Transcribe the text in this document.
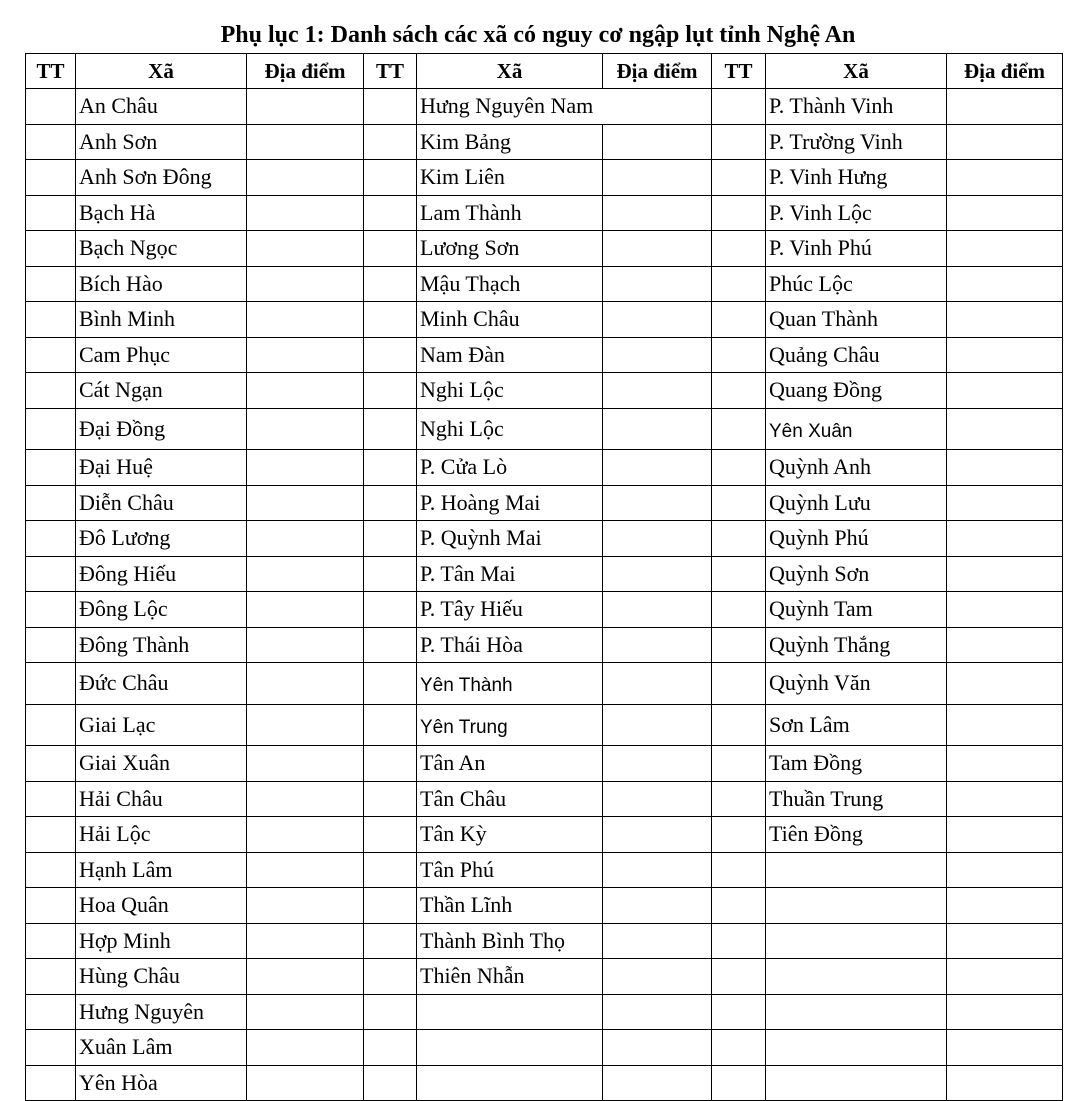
Phụ lục 1: Danh sách các xã có nguy cơ ngập lụt tỉnh Nghệ An
TT	Xã	Địa điểm	TT	Xã	Địa điểm	TT	Xã	Địa điểm
	An Châu			Hưng Nguyên Nam			P. Thành Vinh	
	Anh Sơn			Kim Bảng			P. Trường Vinh	
	Anh Sơn Đông			Kim Liên			P. Vinh Hưng	
	Bạch Hà			Lam Thành			P. Vinh Lộc	
	Bạch Ngọc			Lương Sơn			P. Vinh Phú	
	Bích Hào			Mậu Thạch			Phúc Lộc	
	Bình Minh			Minh Châu			Quan Thành	
	Cam Phục			Nam Đàn			Quảng Châu	
	Cát Ngạn			Nghi Lộc			Quang Đồng	
	Đại Đồng			Nghi Lộc			Yên Xuân	
	Đại Huệ			P. Cửa Lò			Quỳnh Anh	
	Diễn Châu			P. Hoàng Mai			Quỳnh Lưu	
	Đô Lương			P. Quỳnh Mai			Quỳnh Phú	
	Đông Hiếu			P. Tân Mai			Quỳnh Sơn	
	Đông Lộc			P. Tây Hiếu			Quỳnh Tam	
	Đông Thành			P. Thái Hòa			Quỳnh Thắng	
	Đức Châu			Yên Thành			Quỳnh Văn	
	Giai Lạc			Yên Trung			Sơn Lâm	
	Giai Xuân			Tân An			Tam Đồng	
	Hải Châu			Tân Châu			Thuần Trung	
	Hải Lộc			Tân Kỳ			Tiên Đồng	
	Hạnh Lâm			Tân Phú				
	Hoa Quân			Thần Lĩnh				
	Hợp Minh			Thành Bình Thọ				
	Hùng Châu			Thiên Nhẫn				
	Hưng Nguyên							
	Xuân Lâm							
	Yên Hòa							
